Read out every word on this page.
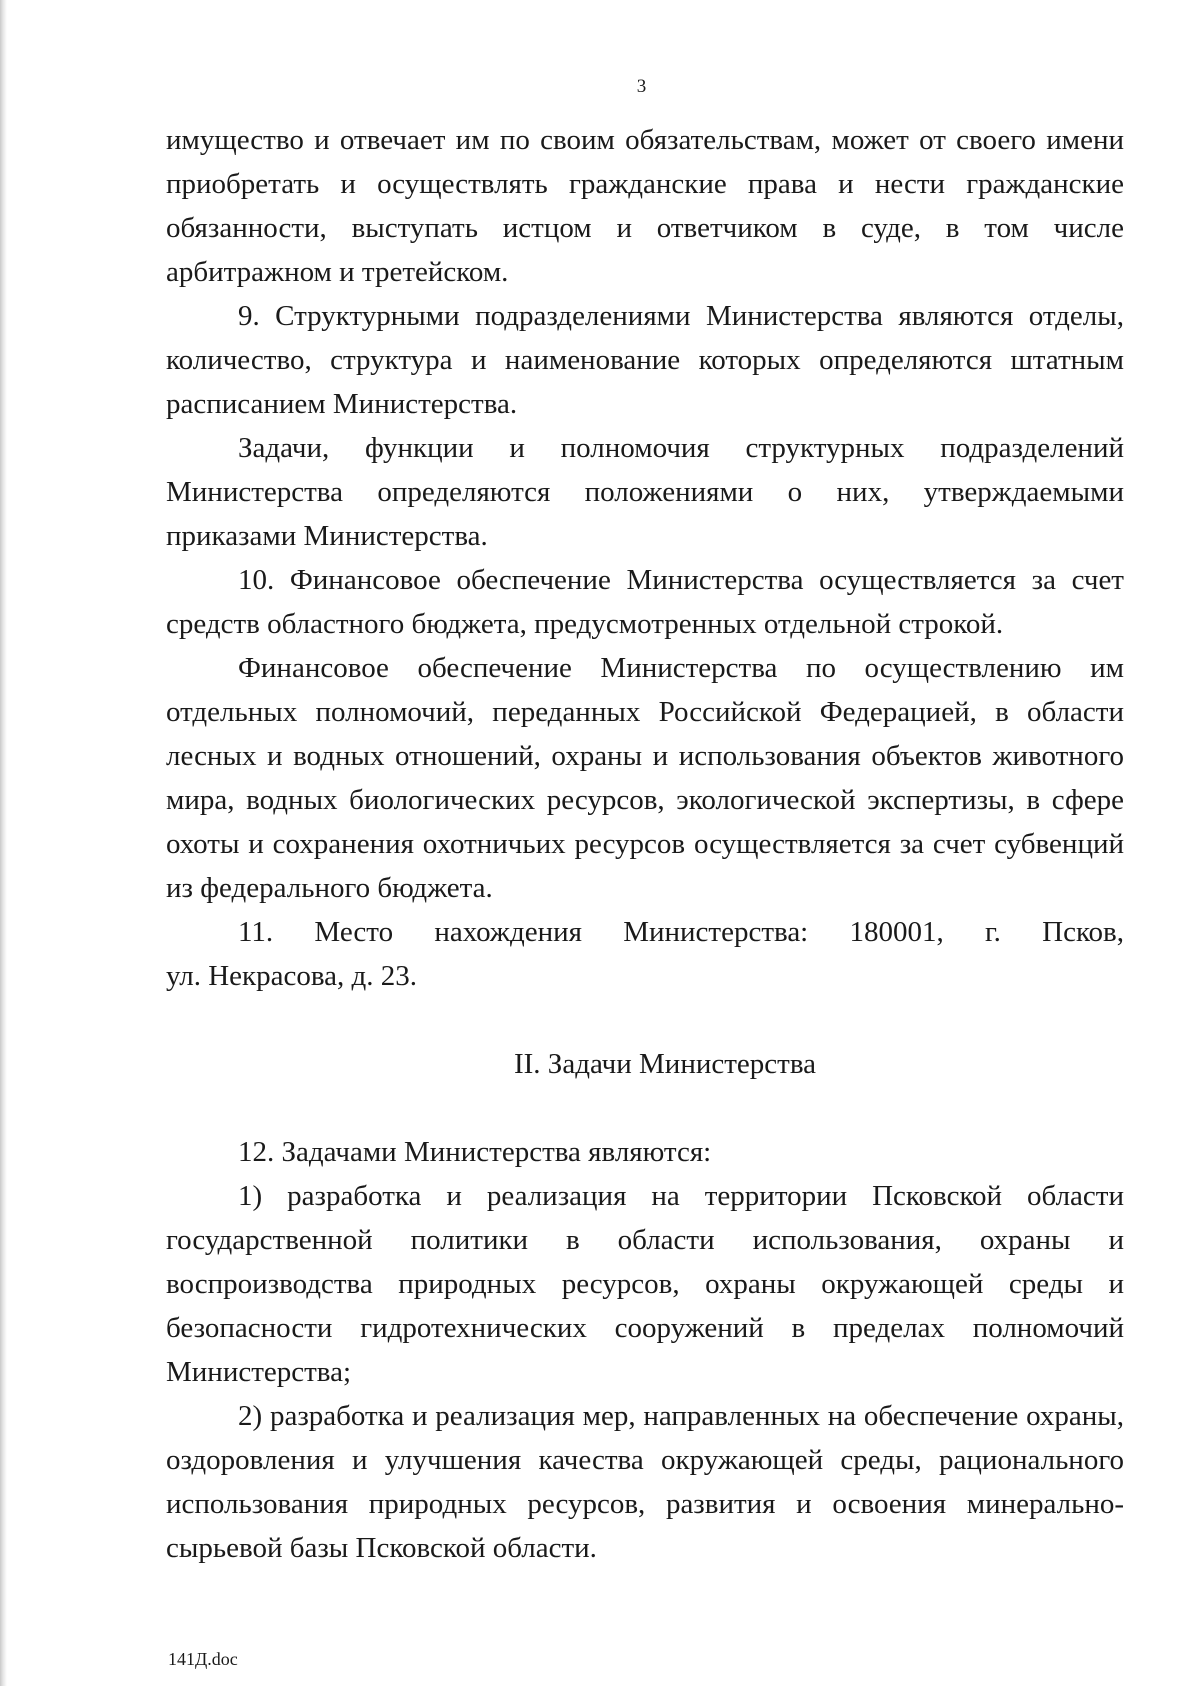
3

имущество и отвечает им по своим обязательствам, может от своего имени приобретать и осуществлять гражданские права и нести гражданские обязанности, выступать истцом и ответчиком в суде, в том числе арбитражном и третейском.

9. Структурными подразделениями Министерства являются отделы, количество, структура и наименование которых определяются штатным расписанием Министерства.

Задачи, функции и полномочия структурных подразделений Министерства определяются положениями о них, утверждаемыми приказами Министерства.

10. Финансовое обеспечение Министерства осуществляется за счет средств областного бюджета, предусмотренных отдельной строкой.

Финансовое обеспечение Министерства по осуществлению им отдельных полномочий, переданных Российской Федерацией, в области лесных и водных отношений, охраны и использования объектов животного мира, водных биологических ресурсов, экологической экспертизы, в сфере охоты и сохранения охотничьих ресурсов осуществляется за счет субвенций из федерального бюджета.

11. Место нахождения Министерства: 180001, г. Псков,

ул. Некрасова, д. 23.

II. Задачи Министерства

12. Задачами Министерства являются:

1) разработка и реализация на территории Псковской области государственной политики в области использования, охраны и воспроизводства природных ресурсов, охраны окружающей среды и безопасности гидротехнических сооружений в пределах полномочий Министерства;

2) разработка и реализация мер, направленных на обеспечение охраны, оздоровления и улучшения качества окружающей среды, рационального использования природных ресурсов, развития и освоения минерально-сырьевой базы Псковской области.

141Д.doc
